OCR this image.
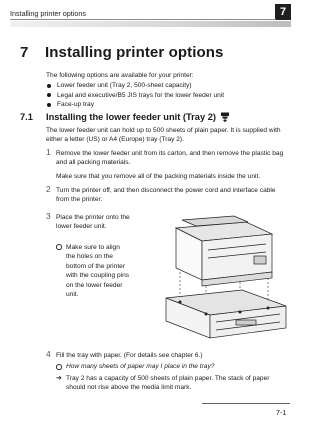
Installing printer options	7
7 Installing printer options

The following options are available for your printer:

Lower feeder unit (Tray 2, 500-sheet capacity)
Legal and executive/B5 JIS trays for the lower feeder unit
Face-up tray
7.1	Installing the lower feeder unit (Tray 2)

The lower feeder unit can hold up to 500 sheets of plain paper. It is supplied with either a letter (US) or A4 (Europe) tray (Tray 2).

1 Remove the lower feeder unit from its carton, and then remove the plastic bag and all packing materials.

Make sure that you remove all of the packing materials inside the unit.

2 Turn the printer off, and then disconnect the power cord and interface cable from the printer.

3 Place the printer onto the lower feeder unit.

Make sure to align the holes on the bottom of the printer with the coupling pins on the lower feeder unit.

4 Fill the tray with paper. (For details see chapter 6.)

How many sheets of paper may I place in the tray?
➔ Tray 2 has a capacity of 500 sheets of plain paper. The stack of paper should not rise above the media limit mark.

7-1
